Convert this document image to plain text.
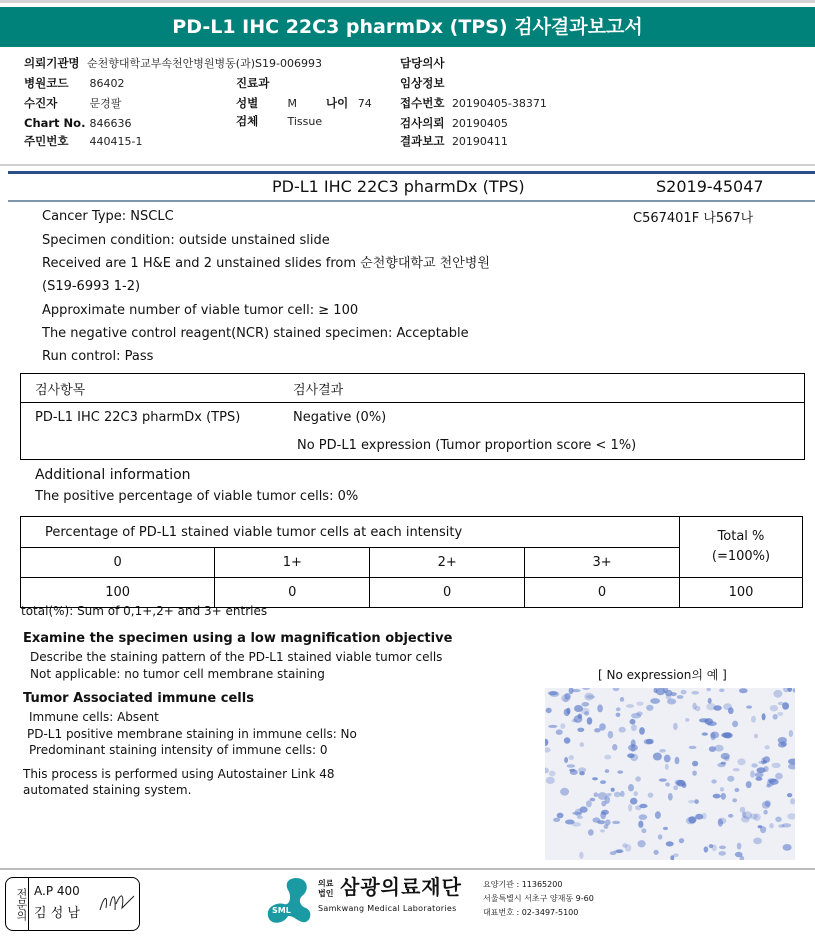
PD-L1 IHC 22C3 pharmDx (TPS) 검사결과보고서
의뢰기관명 순천향대학교부속천안병원병동(과)S19-006993
병원코드 86402
수진자	문경팔
Chart No. 846636
주민번호 440415-1
진료과
성별	M	나이 74
검체	Tissue
담당의사
임상정보
접수번호 20190405-38371
검사의뢰 20190405
결과보고 20190411
PD-L1 IHC 22C3 pharmDx (TPS)	S2019-45047
C567401F 나567나
Cancer Type: NSCLC
Specimen condition: outside unstained slide
Received are 1 H&E and 2 unstained slides from 순천향대학교 천안병원
(S19-6993 1-2)
Approximate number of viable tumor cell: ≥ 100
The negative control reagent(NCR) stained specimen: Acceptable
Run control: Pass
검사항목	검사결과
PD-L1 IHC 22C3 pharmDx (TPS)	Negative (0%)
	No PD-L1 expression (Tumor proportion score < 1%)
Additional information
The positive percentage of viable tumor cells: 0%
Percentage of PD-L1 stained viable tumor cells at each intensity				Total %
(=100%)

0	1+	2+	3+	
100	0	0	0	100
total(%): Sum of 0,1+,2+ and 3+ entries
Examine the specimen using a low magnification objective
Describe the staining pattern of the PD-L1 stained viable tumor cells
Not applicable: no tumor cell membrane staining
Tumor Associated immune cells
Immune cells: Absent
PD-L1 positive membrane staining in immune cells: No
Predominant staining intensity of immune cells: 0
This process is performed using Autostainer Link 48
automated staining system.
[ No expression의 예 ]
전문의 A.P 400
김 성 남	SML
의료
법인 삼광의료재단
Samkwang Medical Laboratories
요양기관 : 11365200
서울특별시 서초구 양재동 9-60
대표번호 : 02-3497-5100
